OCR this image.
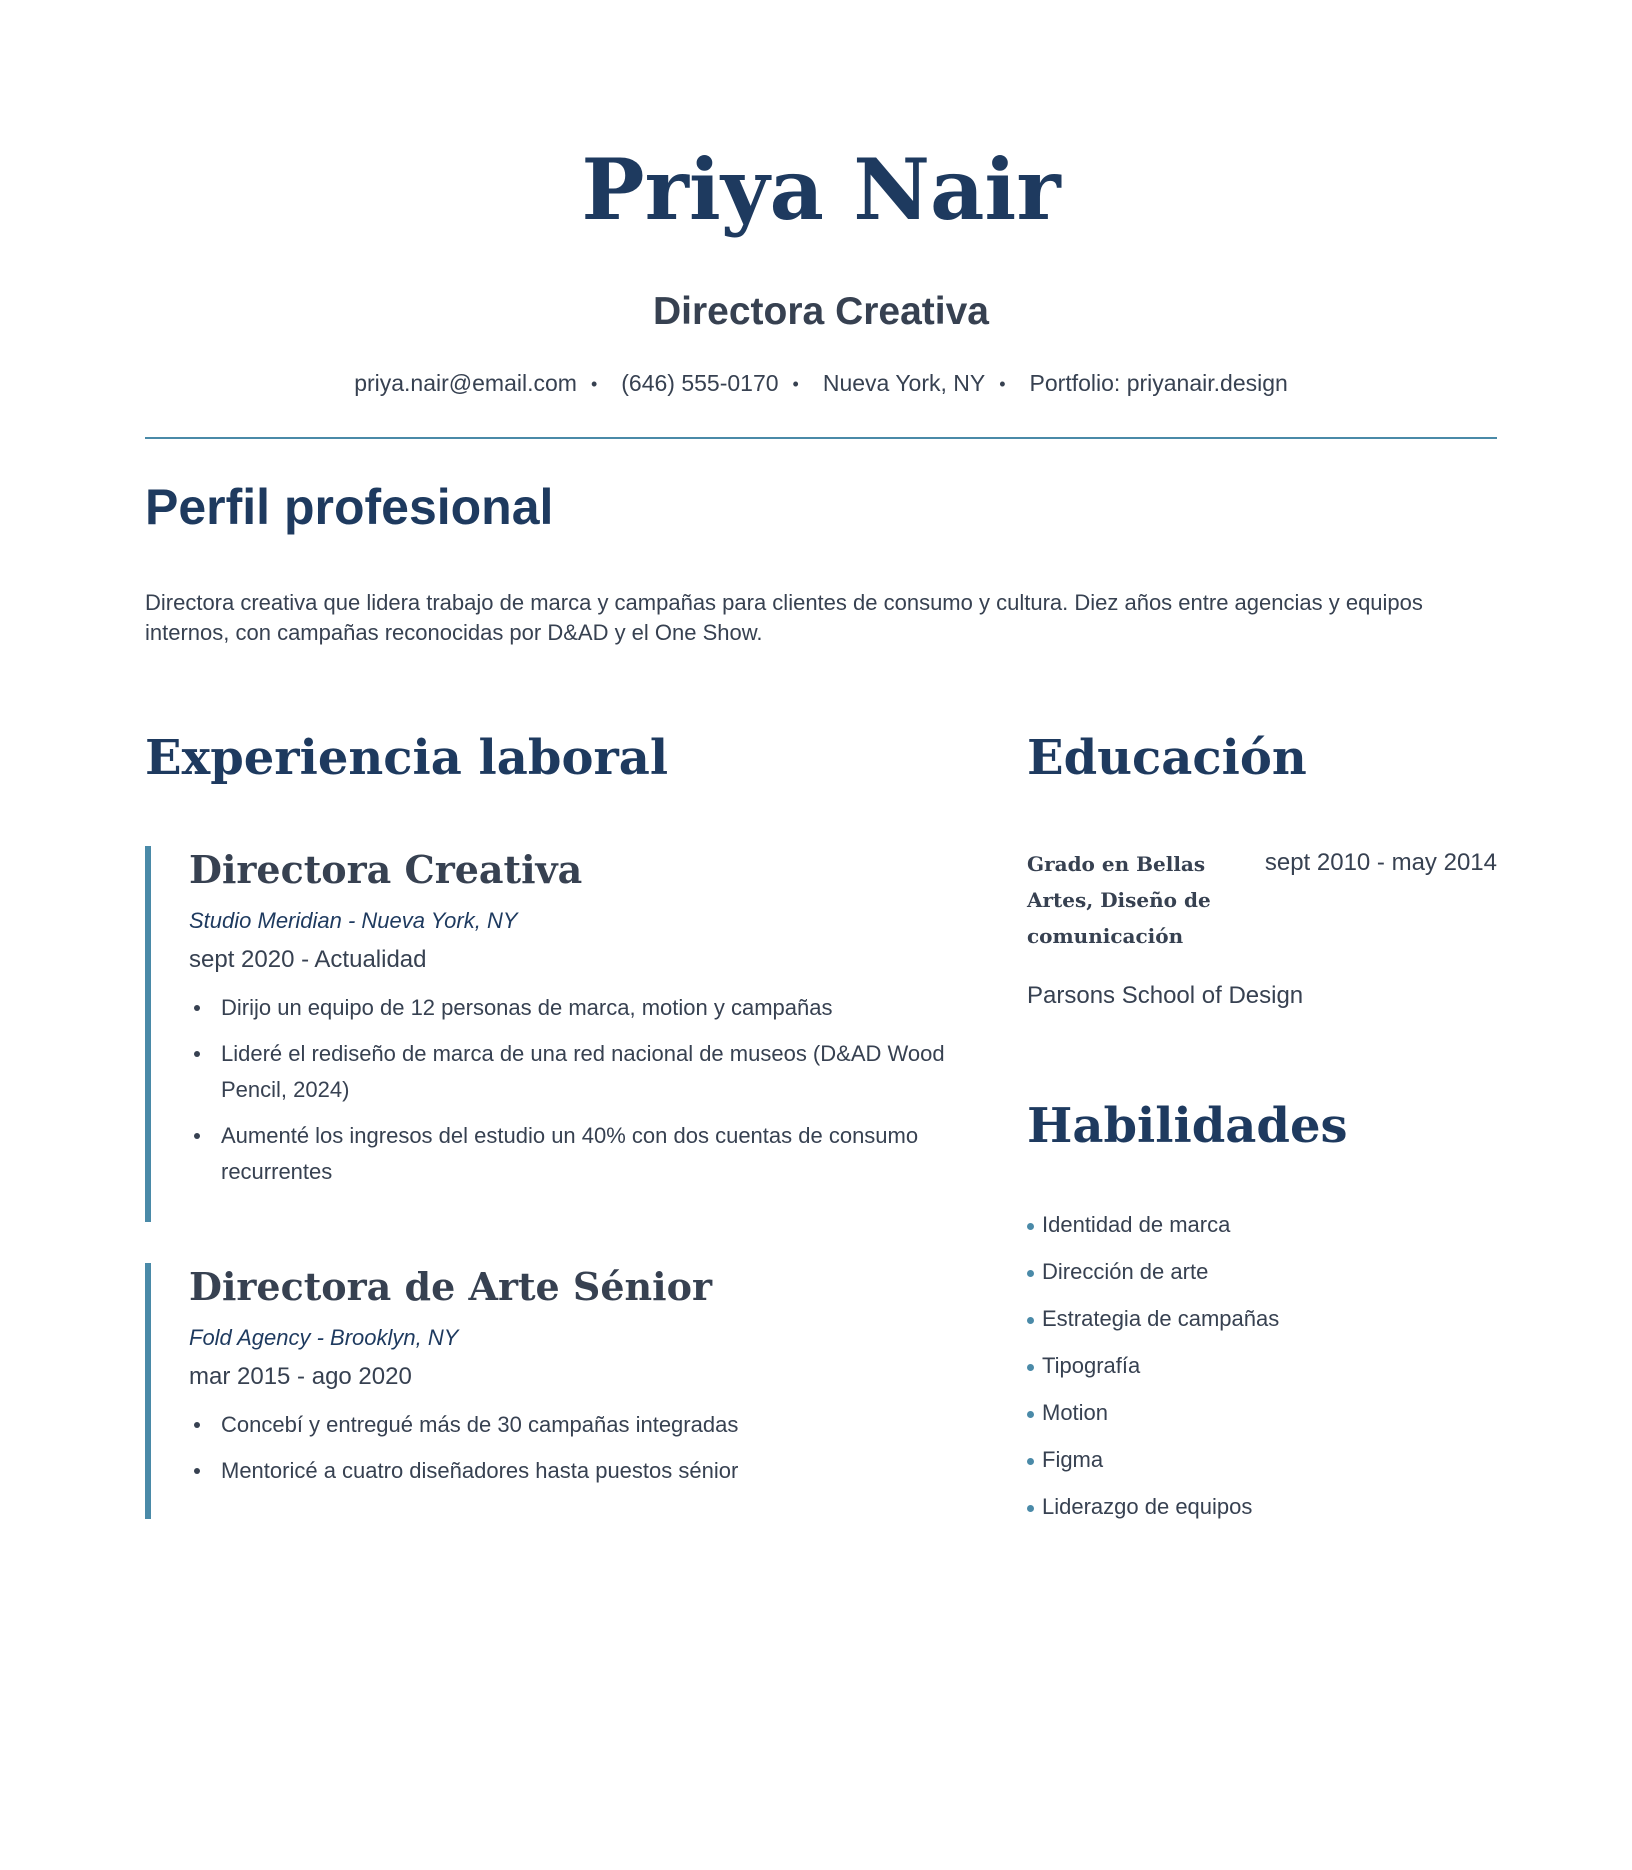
Priya Nair
Directora Creativa
priya.nair@email.com • (646) 555-0170 • Nueva York, NY • Portfolio: priyanair.design
Perfil profesional
Directora creativa que lidera trabajo de marca y campañas para clientes de consumo y cultura. Diez años entre agencias y equipos internos, con campañas reconocidas por D&AD y el One Show.
Experiencia laboral
Directora Creativa
Studio Meridian - Nueva York, NY
sept 2020 - Actualidad
Dirijo un equipo de 12 personas de marca, motion y campañas
Lideré el rediseño de marca de una red nacional de museos (D&AD Wood Pencil, 2024)
Aumenté los ingresos del estudio un 40% con dos cuentas de consumo recurrentes
Directora de Arte Sénior
Fold Agency - Brooklyn, NY
mar 2015 - ago 2020
Concebí y entregué más de 30 campañas integradas
Mentoricé a cuatro diseñadores hasta puestos sénior
Educación
Grado en Bellas Artes, Diseño de comunicación
sept 2010 - may 2014
Parsons School of Design
Habilidades
Identidad de marca
Dirección de arte
Estrategia de campañas
Tipografía
Motion
Figma
Liderazgo de equipos
